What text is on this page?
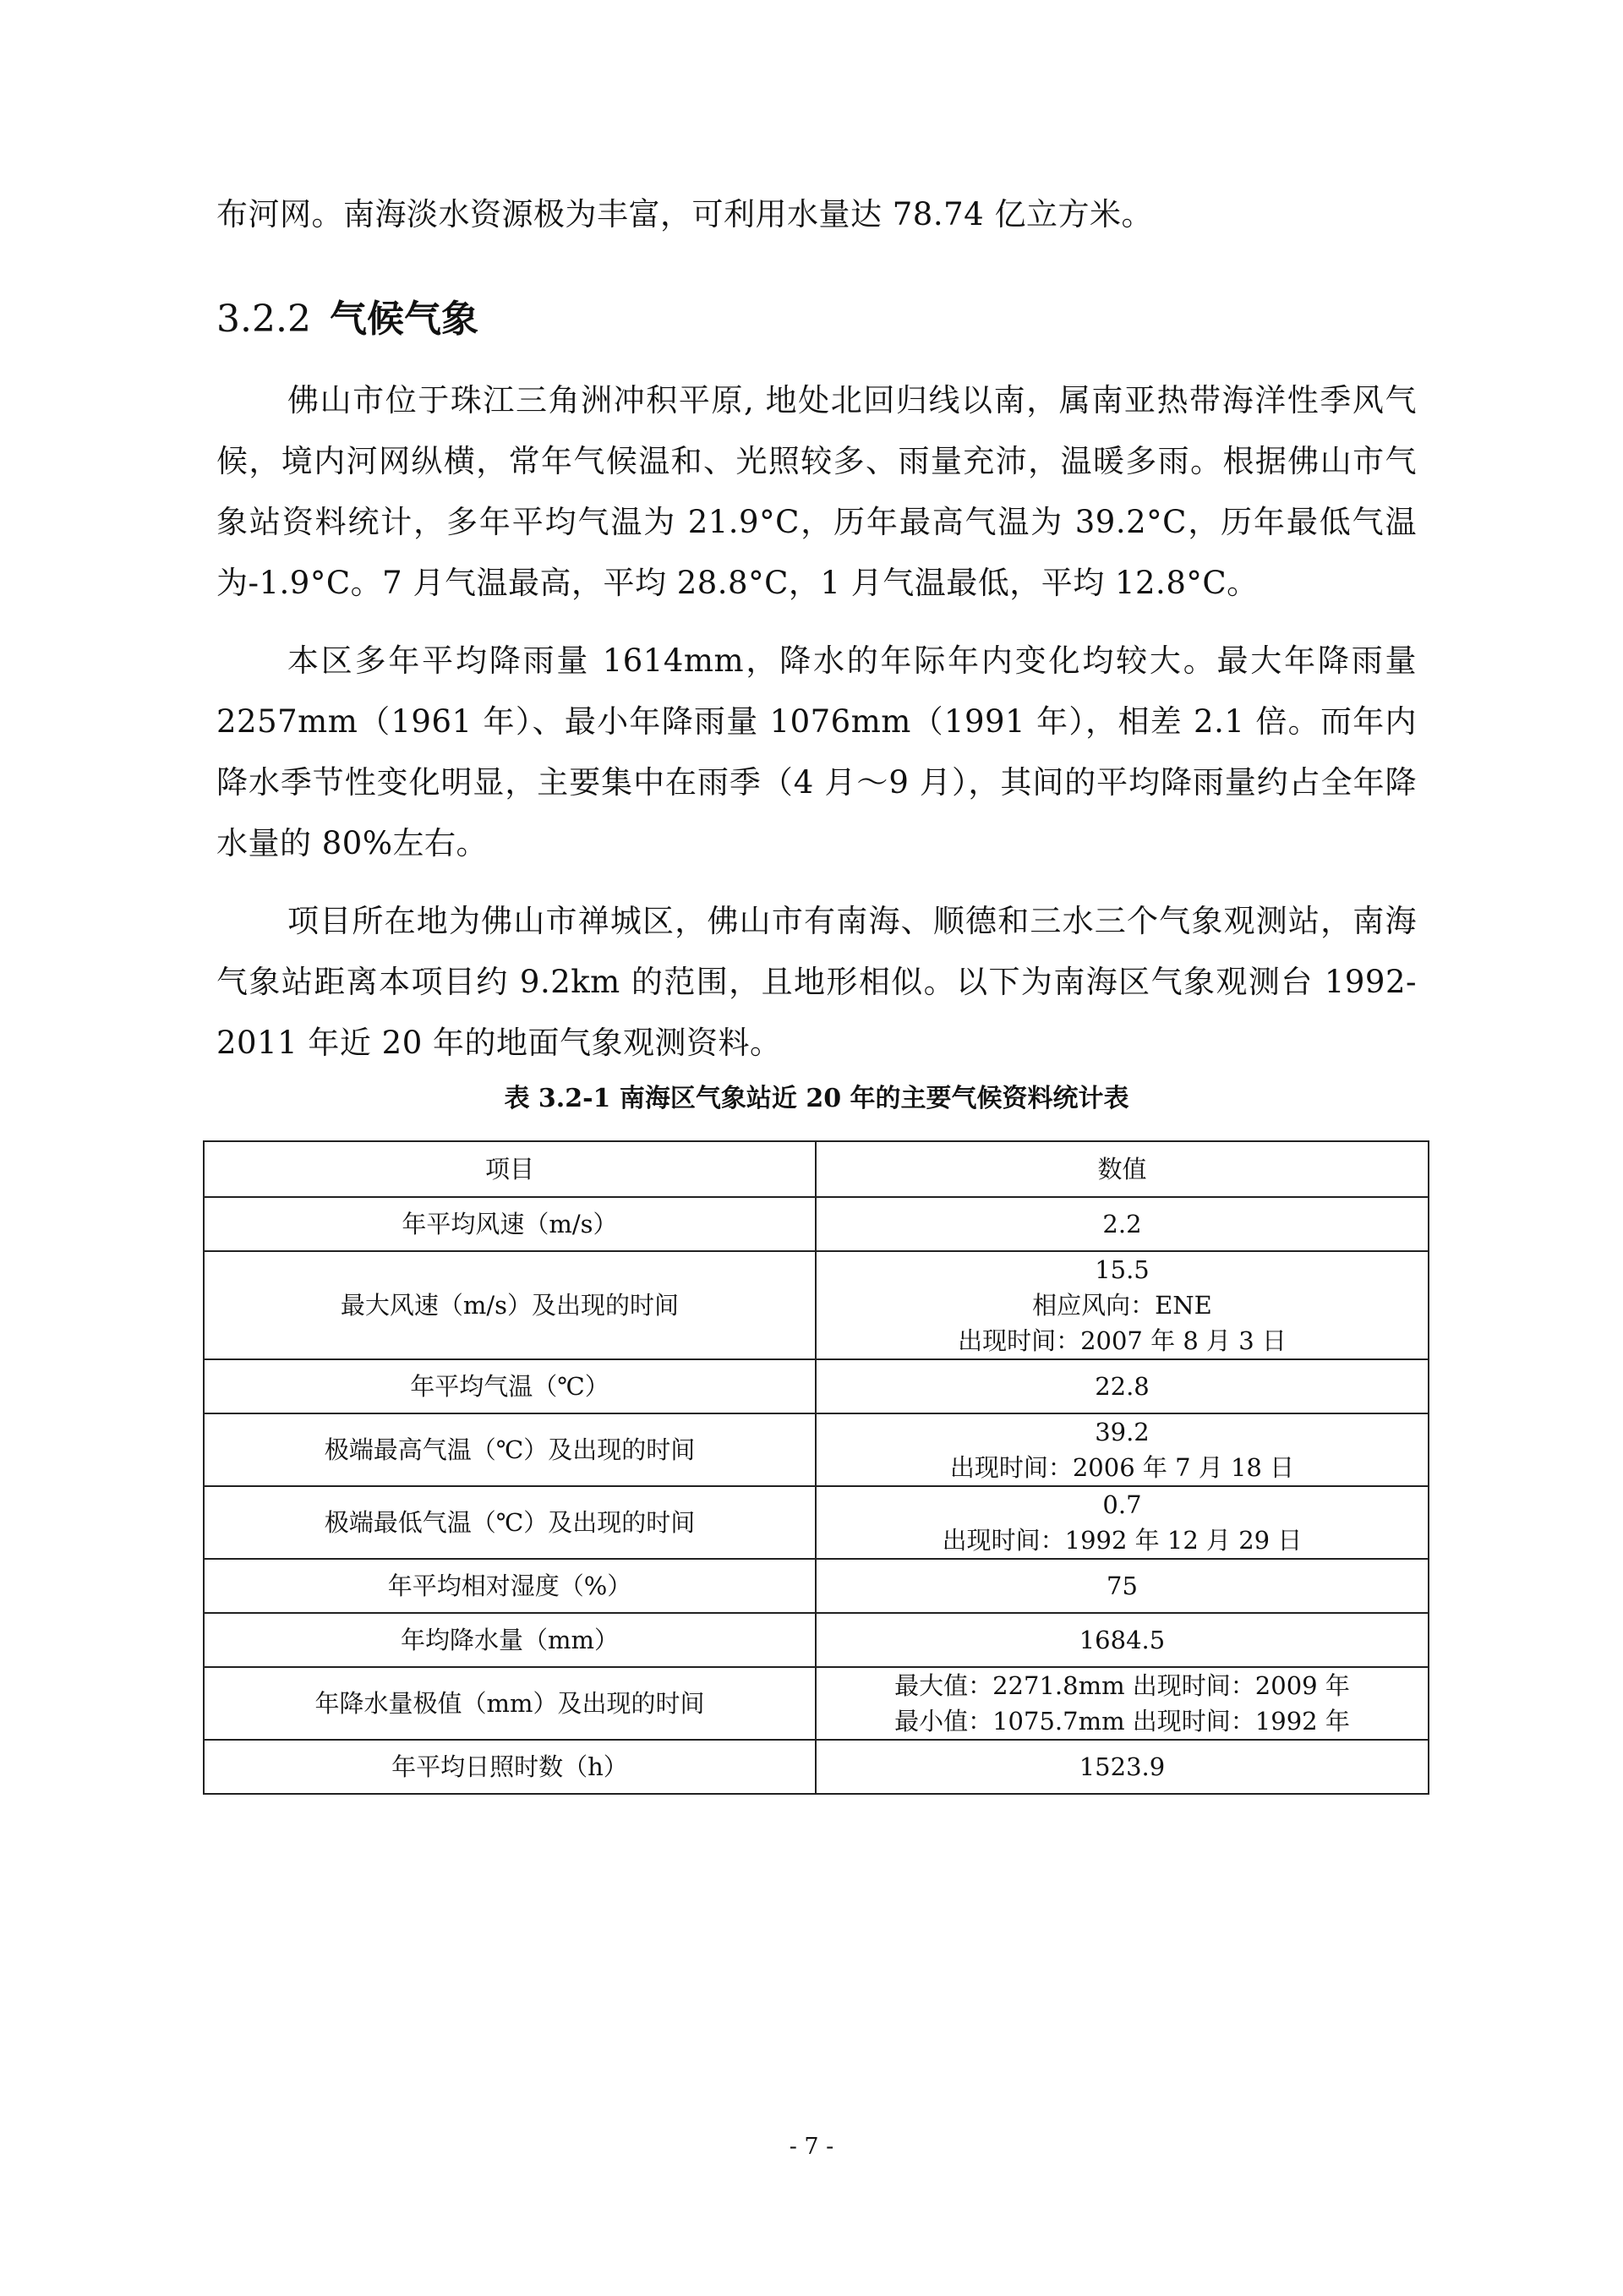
布河网。南海淡水资源极为丰富，可利用水量达 78.74 亿立方米。

3.2.2 气候气象

佛山市位于珠江三角洲冲积平原, 地处北回归线以南，属南亚热带海洋性季风气候，境内河网纵横，常年气候温和、光照较多、雨量充沛，温暖多雨。根据佛山市气象站资料统计，多年平均气温为 21.9°C，历年最高气温为 39.2°C，历年最低气温为-1.9°C。7 月气温最高，平均 28.8°C，1 月气温最低，平均 12.8°C。

本区多年平均降雨量 1614mm，降水的年际年内变化均较大。最大年降雨量 2257mm（1961 年）、最小年降雨量 1076mm（1991 年），相差 2.1 倍。而年内降水季节性变化明显，主要集中在雨季（4 月～9 月），其间的平均降雨量约占全年降水量的 80%左右。

项目所在地为佛山市禅城区，佛山市有南海、顺德和三水三个气象观测站，南海气象站距离本项目约 9.2km 的范围，且地形相似。以下为南海区气象观测台 1992-2011 年近 20 年的地面气象观测资料。

表 3.2-1 南海区气象站近 20 年的主要气候资料统计表
项目	数值
年平均风速（m/s）	2.2

最大风速（m/s）及出现的时间	15.5
相应风向：ENE
出现时间：2007 年 8 月 3 日

年平均气温（℃）	22.8

极端最高气温（℃）及出现的时间	39.2
出现时间：2006 年 7 月 18 日

极端最低气温（℃）及出现的时间	0.7
出现时间：1992 年 12 月 29 日

年平均相对湿度（%）	75

年均降水量（mm）	1684.5

年降水量极值（mm）及出现的时间	最大值：2271.8mm 出现时间：2009 年
最小值：1075.7mm 出现时间：1992 年

年平均日照时数（h）	1523.9
- 7 -
